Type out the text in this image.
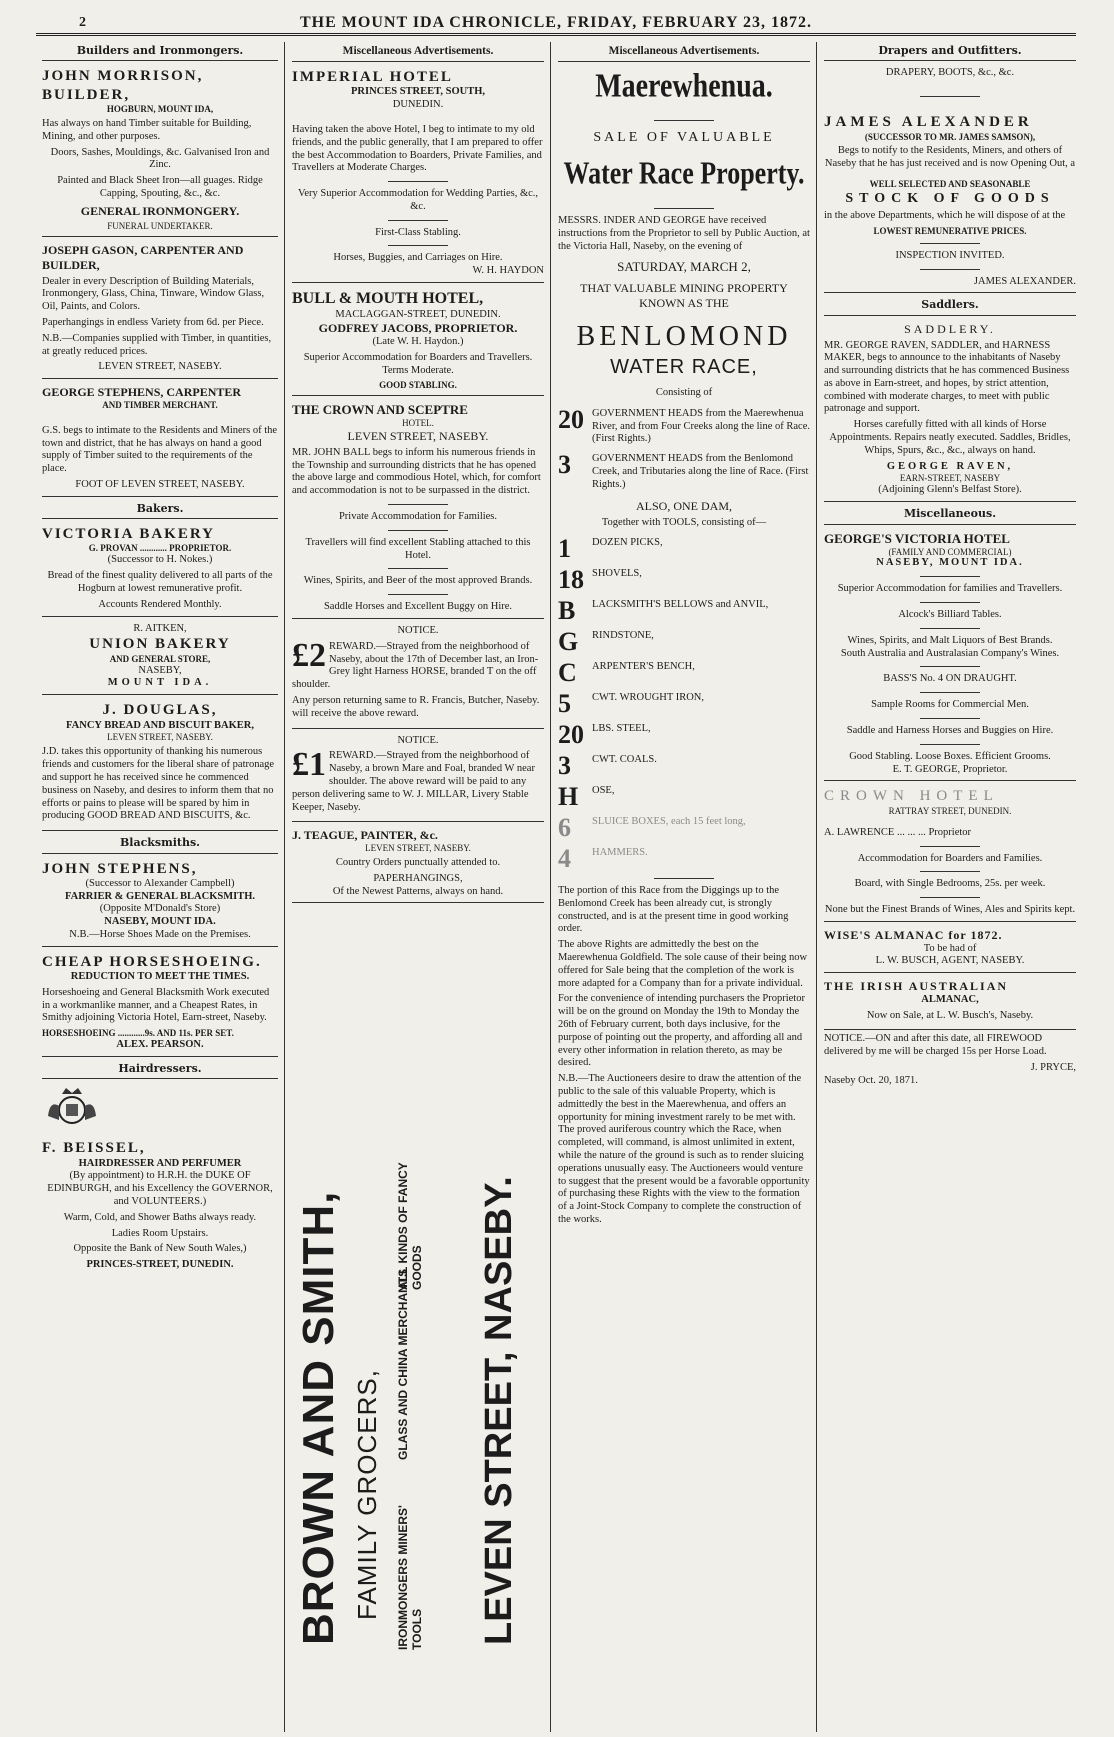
2	THE MOUNT IDA CHRONICLE, FRIDAY, FEBRUARY 23, 1872.
Builders and Ironmongers.
JOHN MORRISON, BUILDER,
HOGBURN, MOUNT IDA,
Has always on hand Timber suitable for Building, Mining, and other purposes.
Doors, Sashes, Mouldings, &c. Galvanised Iron and Zinc.
Painted and Black Sheet Iron—all guages. Ridge Capping, Spouting, &c., &c.
GENERAL IRONMONGERY.
FUNERAL UNDERTAKER.
JOSEPH GASON, CARPENTER AND BUILDER,
Dealer in every Description of Building Materials, Ironmongery, Glass, China, Tinware, Window Glass, Oil, Paints, and Colors.
Paperhangings in endless Variety from 6d. per Piece.
N.B.—Companies supplied with Timber, in quantities, at greatly reduced prices.
LEVEN STREET, NASEBY.
GEORGE STEPHENS, CARPENTER
AND TIMBER MERCHANT.
G.S. begs to intimate to the Residents and Miners of the town and district, that he has always on hand a good supply of Timber suited to the requirements of the place.
FOOT OF LEVEN STREET, NASEBY.
Bakers.
VICTORIA BAKERY
G. PROVAN ............ PROPRIETOR.
(Successor to H. Nokes.)
Bread of the finest quality delivered to all parts of the Hogburn at lowest remunerative profit.
Accounts Rendered Monthly.
R. AITKEN,
UNION BAKERY
AND GENERAL STORE,
NASEBY,
MOUNT IDA.
J. DOUGLAS,
FANCY BREAD AND BISCUIT BAKER,
LEVEN STREET, NASEBY.
J.D. takes this opportunity of thanking his numerous friends and customers for the liberal share of patronage and support he has received since he commenced business on Naseby, and desires to inform them that no efforts or pains to please will be spared by him in producing GOOD BREAD AND BISCUITS, &c.
Blacksmiths.
JOHN STEPHENS,
(Successor to Alexander Campbell)
FARRIER & GENERAL BLACKSMITH.
(Opposite M'Donald's Store)
NASEBY, MOUNT IDA.
N.B.—Horse Shoes Made on the Premises.
CHEAP HORSESHOEING.
REDUCTION TO MEET THE TIMES.
Horseshoeing and General Blacksmith Work executed in a workmanlike manner, and a Cheapest Rates, in Smithy adjoining Victoria Hotel, Earn-street, Naseby.
HORSESHOEING ............9s. AND 11s. PER SET.
ALEX. PEARSON.
Hairdressers.
F. BEISSEL,
HAIRDRESSER AND PERFUMER
(By appointment) to H.R.H. the DUKE OF EDINBURGH, and his Excellency the GOVERNOR, and VOLUNTEERS.)
Warm, Cold, and Shower Baths always ready.
Ladies Room Upstairs.
Opposite the Bank of New South Wales,)
PRINCES-STREET, DUNEDIN.
Miscellaneous Advertisements.
IMPERIAL HOTEL
PRINCES STREET, SOUTH,
DUNEDIN.
Having taken the above Hotel, I beg to intimate to my old friends, and the public generally, that I am prepared to offer the best Accommodation to Boarders, Private Families, and Travellers at Moderate Charges.
Very Superior Accommodation for Wedding Parties, &c., &c.
First-Class Stabling.
Horses, Buggies, and Carriages on Hire.
W. H. HAYDON
BULL & MOUTH HOTEL,
MACLAGGAN-STREET, DUNEDIN.
GODFREY JACOBS, PROPRIETOR.
(Late W. H. Haydon.)
Superior Accommodation for Boarders and Travellers. Terms Moderate.
GOOD STABLING.
THE CROWN AND SCEPTRE
HOTEL.
LEVEN STREET, NASEBY.
MR. JOHN BALL begs to inform his numerous friends in the Township and surrounding districts that he has opened the above large and commodious Hotel, which, for comfort and accommodation is not to be surpassed in the district.
Private Accommodation for Families.
Travellers will find excellent Stabling attached to this Hotel.
Wines, Spirits, and Beer of the most approved Brands.
Saddle Horses and Excellent Buggy on Hire.
NOTICE.
£2 REWARD.—Strayed from the neighborhood of Naseby, about the 17th of December last, an Iron-Grey light Harness HORSE, branded T on the off shoulder.
Any person returning same to R. Francis, Butcher, Naseby. will receive the above reward.
NOTICE.
£1 REWARD.—Strayed from the neighborhood of Naseby, a brown Mare and Foal, branded W near shoulder. The above reward will be paid to any person delivering same to W. J. MILLAR, Livery Stable Keeper, Naseby.
J. TEAGUE, PAINTER, &c.
LEVEN STREET, NASEBY.
Country Orders punctually attended to.
PAPERHANGINGS,
Of the Newest Patterns, always on hand.
BROWN AND SMITH, FAMILY GROCERS,
GLASS AND CHINA MERCHANTS
ALL KINDS OF FANCY GOODS
IRONMONGERS MINERS' TOOLS LEVEN STREET, NASEBY.
Miscellaneous Advertisements.
Maerewhenua.
SALE OF VALUABLE
Water Race Property.
MESSRS. INDER AND GEORGE have received instructions from the Proprietor to sell by Public Auction, at the Victoria Hall, Naseby, on the evening of
SATURDAY, MARCH 2,
THAT VALUABLE MINING PROPERTY KNOWN AS THE
BENLOMOND
WATER RACE,
Consisting of
20 GOVERNMENT HEADS from the Maerewhenua River, and from Four Creeks along the line of Race. (First Rights.)
3	GOVERNMENT HEADS from the Benlomond Creek, and Tributaries along the line of Race. (First Rights.)
ALSO, ONE DAM,
Together with TOOLS, consisting of—
1	DOZEN PICKS,
18 SHOVELS,
B	LACKSMITH'S BELLOWS and ANVIL,
G	RINDSTONE,
C	ARPENTER'S BENCH,
5	CWT. WROUGHT IRON,
20 LBS. STEEL,
3	CWT. COALS.
H	OSE,
6	SLUICE BOXES, each 15 feet long,
4	HAMMERS.
The portion of this Race from the Diggings up to the Benlomond Creek has been already cut, is strongly constructed, and is at the present time in good working order.
The above Rights are admittedly the best on the Maerewhenua Goldfield. The sole cause of their being now offered for Sale being that the completion of the work is more adapted for a Company than for a private individual.
For the convenience of intending purchasers the Proprietor will be on the ground on Monday the 19th to Monday the 26th of February current, both days inclusive, for the purpose of pointing out the property, and affording all and every other information in relation thereto, as may be desired.
N.B.—The Auctioneers desire to draw the attention of the public to the sale of this valuable Property, which is admittedly the best in the Maerewhenua, and offers an opportunity for mining investment rarely to be met with. The proved auriferous country which the Race, when completed, will command, is almost unlimited in extent, while the nature of the ground is such as to render sluicing operations unusually easy. The Auctioneers would venture to suggest that the present would be a favorable opportunity of purchasing these Rights with the view to the formation of a Joint-Stock Company to complete the construction of the works.
Drapers and Outfitters.
DRAPERY, BOOTS, &c., &c.
JAMES ALEXANDER
(SUCCESSOR TO MR. JAMES SAMSON),
Begs to notify to the Residents, Miners, and others of Naseby that he has just received and is now Opening Out, a
WELL SELECTED AND SEASONABLE
STOCK OF GOODS
in the above Departments, which he will dispose of at the
LOWEST REMUNERATIVE PRICES.
INSPECTION INVITED.
JAMES ALEXANDER.
Saddlers.
SADDLERY.
MR. GEORGE RAVEN, SADDLER, and HARNESS MAKER, begs to announce to the inhabitants of Naseby and surrounding districts that he has commenced Business as above in Earn-street, and hopes, by strict attention, combined with moderate charges, to meet with public patronage and support.
Horses carefully fitted with all kinds of Horse Appointments. Repairs neatly executed. Saddles, Bridles, Whips, Spurs, &c., &c., always on hand.
GEORGE RAVEN,
EARN-STREET, NASEBY
(Adjoining Glenn's Belfast Store).
Miscellaneous.
GEORGE'S VICTORIA HOTEL
(FAMILY AND COMMERCIAL)
NASEBY, MOUNT IDA.
Superior Accommodation for families and Travellers.
Alcock's Billiard Tables.
Wines, Spirits, and Malt Liquors of Best Brands.
South Australia and Australasian Company's Wines.
BASS'S No. 4 ON DRAUGHT.
Sample Rooms for Commercial Men.
Saddle and Harness Horses and Buggies on Hire.
Good Stabling. Loose Boxes. Efficient Grooms.
E. T. GEORGE, Proprietor.
CROWN HOTEL
RATTRAY STREET, DUNEDIN.
A. LAWRENCE ... ... ... Proprietor
Accommodation for Boarders and Families.
Board, with Single Bedrooms, 25s. per week.
None but the Finest Brands of Wines, Ales and Spirits kept.
WISE'S ALMANAC for 1872.
To be had of
L. W. BUSCH, AGENT, NASEBY.
THE IRISH AUSTRALIAN
ALMANAC,
Now on Sale, at L. W. Busch's, Naseby.
NOTICE.—ON and after this date, all FIREWOOD delivered by me will be charged 15s per Horse Load.
J. PRYCE,
Naseby Oct. 20, 1871.
